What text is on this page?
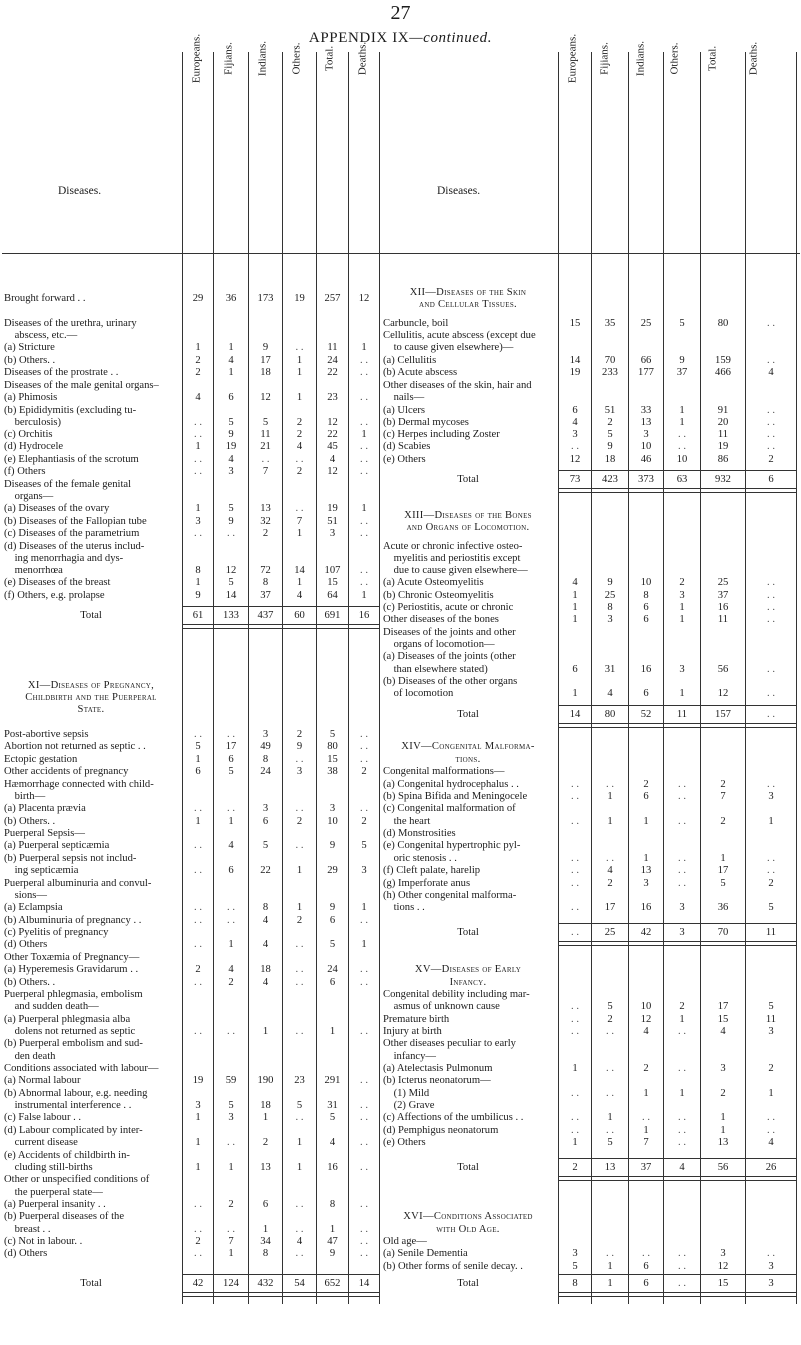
27
APPENDIX IX—continued.
Diseases.
Europeans. Fijians. Indians. Others. Total. Deaths.
Diseases.
Europeans. Fijians. Indians. Others. Total.	Deaths.
Brought forward . .	29	36	173	19	257	12
Diseases of the urethra, urinary
 abscess, etc.—
(a) Stricture	1	1	9	. .	11	1
(b) Others. .	2	4	17	1	24	. .
Diseases of the prostrate . .	2	1	18	1	22	. .
Diseases of the male genital organs–
(a) Phimosis	4	6	12	1	23	. .
(b) Epididymitis (excluding tu-
 berculosis)	. .	5	5	2	12	. .
(c) Orchitis	. .	9	11	2	22	1
(d) Hydrocele	1	19	21	4	45	. .
(e) Elephantiasis of the scrotum	. .	4	. .	. .	4	. .
(f) Others	. .	3	7	2	12	. .
Diseases of the female genital
 organs—
(a) Diseases of the ovary	1	5	13	. .	19	1
(b) Diseases of the Fallopian tube	3	9	32	7	51	. .
(c) Diseases of the parametrium	. .	. .	2	1	3	. .
(d) Diseases of the uterus includ-
 ing menorrhagia and dys-
 menorrhœa	8	12	72	14	107	. .
(e) Diseases of the breast	1	5	8	1	15	. .
(f) Others, e.g. prolapse	9	14	37	4	64	1
Total	61	133	437	60	691	16
XI—Diseases of Pregnancy,
Childbirth and the Puerperal
State.
Post-abortive sepsis	. .	. .	3	2	5	. .
Abortion not returned as septic . .	5	17	49	9	80	. .
Ectopic gestation	1	6	8	. .	15	. .
Other accidents of pregnancy	6	5	24	3	38	2
Hæmorrhage connected with child-
 birth—
(a) Placenta prævia	. .	. .	3	. .	3	. .
(b) Others. .	1	1	6	2	10	2
Puerperal Sepsis—
(a) Puerperal septicæmia	. .	4	5	. .	9	5
(b) Puerperal sepsis not includ-
 ing septicæmia	. .	6	22	1	29	3
Puerperal albuminuria and convul-
 sions—
(a) Eclampsia	. .	. .	8	1	9	1
(b) Albuminuria of pregnancy . .	. .	. .	4	2	6	. .
(c) Pyelitis of pregnancy
(d) Others	. .	1	4	. .	5	1
Other Toxæmia of Pregnancy—
(a) Hyperemesis Gravidarum . .	2	4	18	. .	24	. .
(b) Others. .	. .	2	4	. .	6	. .
Puerperal phlegmasia, embolism
 and sudden death—
(a) Puerperal phlegmasia alba
 dolens not returned as septic	. .	. .	1	. .	1	. .
(b) Puerperal embolism and sud-
 den death
Conditions associated with labour—
(a) Normal labour	19	59	190	23	291	. .
(b) Abnormal labour, e.g. needing
 instrumental interference . .	3	5	18	5	31	. .
(c) False labour . .	1	3	1	. .	5	. .
(d) Labour complicated by inter-
 current disease	1	. .	2	1	4	. .
(e) Accidents of childbirth in-
 cluding still-births	1	1	13	1	16	. .
Other or unspecified conditions of
 the puerperal state—
(a) Puerperal insanity . .	. .	2	6	. .	8	. .
(b) Puerperal diseases of the
 breast . .	. .	. .	1	. .	1	. .
(c) Not in labour. .	2	7	34	4	47	. .
(d) Others	. .	1	8	. .	9	. .
Total	42	124	432	54	652	14
XII—Diseases of the Skin
and Cellular Tissues.
Carbuncle, boil	15	35	25	5	80	. .
Cellulitis, acute abscess (except due
 to cause given elsewhere)—
(a) Cellulitis	14	70	66	9	159	. .
(b) Acute abscess	19	233	177	37	466	4
Other diseases of the skin, hair and
 nails—
(a) Ulcers	6	51	33	1	91	. .
(b) Dermal mycoses	4	2	13	1	20	. .
(c) Herpes including Zoster	3	5	3	. .	11	. .
(d) Scabies	. .	9	10	. .	19	. .
(e) Others	12	18	46	10	86	2
Total	73	423	373	63	932	6
XIII—Diseases of the Bones
and Organs of Locomotion.
Acute or chronic infective osteo-
 myelitis and periostitis except
 due to cause given elsewhere—
(a) Acute Osteomyelitis	4	9	10	2	25	. .
(b) Chronic Osteomyelitis	1	25	8	3	37	. .
(c) Periostitis, acute or chronic	1	8	6	1	16	. .
Other diseases of the bones	1	3	6	1	11	. .
Diseases of the joints and other
 organs of locomotion—
(a) Diseases of the joints (other
 than elsewhere stated)	6	31	16	3	56	. .
(b) Diseases of the other organs
 of locomotion	1	4	6	1	12	. .
Total	14	80	52	11	157	. .
XIV—Congenital Malforma-
tions.
Congenital malformations—
(a) Congenital hydrocephalus . .	. .	. .	2	. .	2	. .
(b) Spina Bifida and Meningocele	. .	1	6	. .	7	3
(c) Congenital malformation of
 the heart	. .	1	1	. .	2	1
(d) Monstrosities
(e) Congenital hypertrophic pyl-
 oric stenosis . .	. .	. .	1	. .	1	. .
(f) Cleft palate, harelip	. .	4	13	. .	17	. .
(g) Imperforate anus	. .	2	3	. .	5	2
(h) Other congenital malforma-
 tions . .	. .	17	16	3	36	5
Total	. .	25	42	3	70	11
XV—Diseases of Early
Infancy.
Congenital debility including mar-
 asmus of unknown cause	. .	5	10	2	17	5
Premature birth	. .	2	12	1	15	11
Injury at birth	. .	. .	4	. .	4	3
Other diseases peculiar to early
 infancy—
(a) Atelectasis Pulmonum	1	. .	2	. .	3	2
(b) Icterus neonatorum—
 (1) Mild	. .	. .	1	1	2	1
 (2) Grave
(c) Affections of the umbilicus . .	. .	1	. .	. .	1	. .
(d) Pemphigus neonatorum	. .	. .	1	. .	1	. .
(e) Others	1	5	7	. .	13	4
Total	2	13	37	4	56	26
XVI—Conditions Associated
with Old Age.
Old age—
(a) Senile Dementia	3	. .	. .	. .	3	. .
(b) Other forms of senile decay. .	5	1	6	. .	12	3
Total	8	1	6	. .	15	3
